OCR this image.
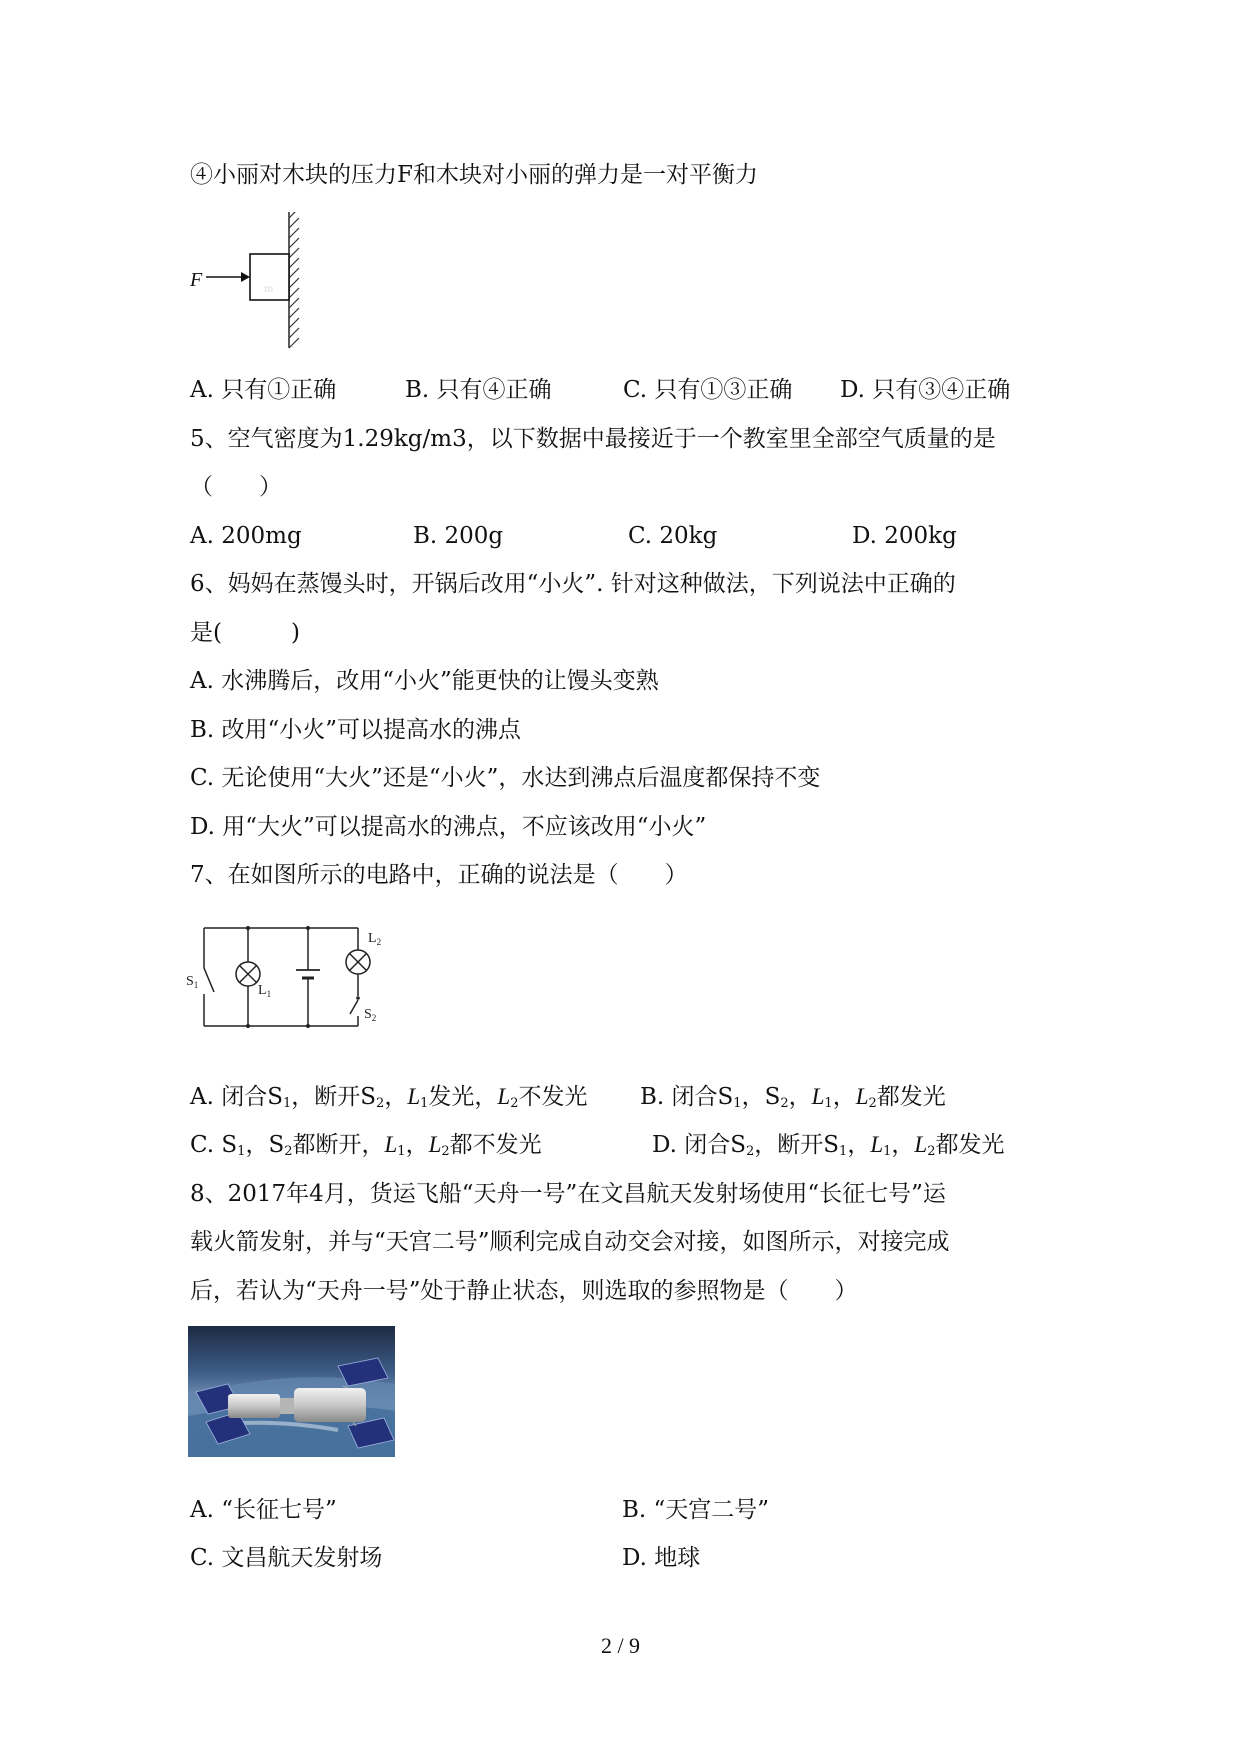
④小丽对木块的压力F和木块对小丽的弹力是一对平衡力
F	m
A. 只有①正确	B. 只有④正确	C. 只有①③正确 D. 只有③④正确
5、空气密度为1.29kg/m3，以下数据中最接近于一个教室里全部空气质量的是
（　　）
A. 200mg	B. 200g	C. 20kg	D. 200kg
6、妈妈在蒸馒头时，开锅后改用“小火”. 针对这种做法，下列说法中正确的
是(　　　)
A. 水沸腾后，改用“小火”能更快的让馒头变熟
B. 改用“小火”可以提高水的沸点
C. 无论使用“大火”还是“小火”，水达到沸点后温度都保持不变
D. 用“大火”可以提高水的沸点，不应该改用“小火”
7、在如图所示的电路中，正确的说法是（　　）
$S_1$	$L_1$
$L_2$
$S_2$
A. 闭合$S_1$，断开$S_2$，$L_1$发光，$L_2$不发光 B. 闭合$S_1$，$S_2$，$L_1$，$L_2$都发光
C. $S_1$，$S_2$都断开，$L_1$，$L_2$都不发光	D. 闭合$S_2$，断开$S_1$，$L_1$，$L_2$都发光
8、2017年4月，货运飞船“天舟一号”在文昌航天发射场使用“长征七号”运
载火箭发射，并与“天宫二号”顺利完成自动交会对接，如图所示，对接完成
后，若认为“天舟一号”处于静止状态，则选取的参照物是（　　）
A. “长征七号”	B. “天宫二号”
C. 文昌航天发射场	D. 地球
2 / 9
